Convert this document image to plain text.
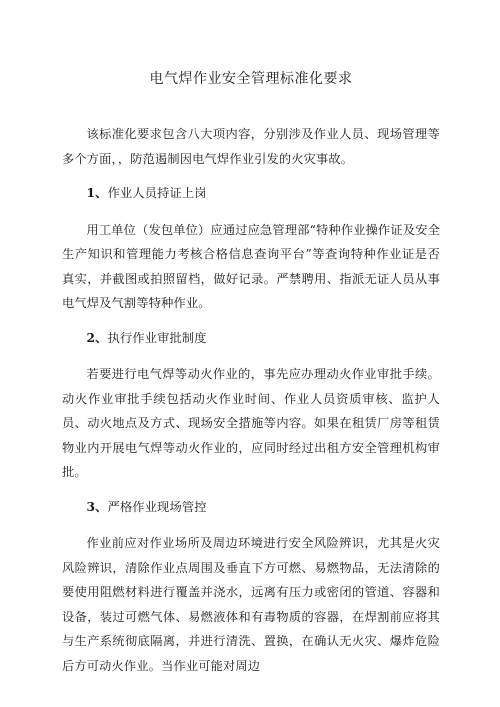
电气焊作业安全管理标准化要求

该标准化要求包含八大项内容，分别涉及作业人员、现场管理等多个方面，，防范遏制因电气焊作业引发的火灾事故。

1、作业人员持证上岗

用工单位（发包单位）应通过应急管理部“特种作业操作证及安全生产知识和管理能力考核合格信息查询平台”等查询特种作业证是否真实，并截图或拍照留档，做好记录。严禁聘用、指派无证人员从事电气焊及气割等特种作业。

2、执行作业审批制度

若要进行电气焊等动火作业的，事先应办理动火作业审批手续。动火作业审批手续包括动火作业时间、作业人员资质审核、监护人员、动火地点及方式、现场安全措施等内容。如果在租赁厂房等租赁物业内开展电气焊等动火作业的，应同时经过出租方安全管理机构审批。

3、严格作业现场管控

作业前应对作业场所及周边环境进行安全风险辨识，尤其是火灾风险辨识，清除作业点周围及垂直下方可燃、易燃物品，无法清除的要使用阻燃材料进行覆盖并浇水，远离有压力或密闭的管道、容器和设备，装过可燃气体、易燃液体和有毒物质的容器，在焊割前应将其与生产系统彻底隔离，并进行清洗、置换，在确认无火灾、爆炸危险后方可动火作业。当作业可能对周边
